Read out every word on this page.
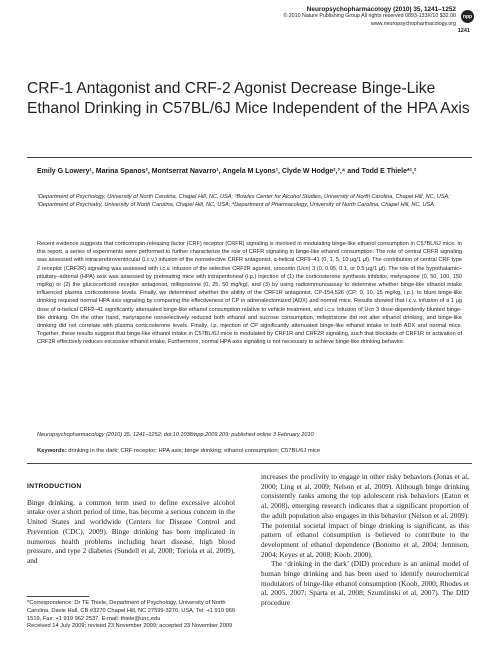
Neuropsychopharmacology (2010) 35, 1241–1252
© 2010 Nature Publishing Group All rights reserved 0893-133X/10 $32.00
www.neuropsychopharmacology.org
npp
1241
CRF-1 Antagonist and CRF-2 Agonist Decrease Binge-Like Ethanol Drinking in C57BL/6J Mice Independent of the HPA Axis
Emily G Lowery¹, Marina Spanos², Montserrat Navarro¹, Angela M Lyons¹, Clyde W Hodge²,³,⁴ and Todd E Thiele*¹,²
¹Department of Psychology, University of North Carolina, Chapel Hill, NC, USA; ²Bowles Center for Alcohol Studies, University of North Carolina, Chapel Hill, NC, USA; ³Department of Psychiatry, University of North Carolina, Chapel Hill, NC, USA; ⁴Department of Pharmacology, University of North Carolina, Chapel Hill, NC, USA

Recent evidence suggests that corticotropin-releasing factor (CRF) receptor (CRFR) signaling is involved in modulating binge-like ethanol consumption in C57BL/6J mice. In this report, a series of experiments were performed to further characterize the role of CRFR signaling in binge-like ethanol consumption. The role of central CRFR signaling was assessed with intracerebroventricular (i.c.v.) infusion of the nonselective CRFR antagonist, α-helical CRF9–41 (0, 1, 5, 10 μg/1 μl). The contribution of central CRF type 2 receptor (CRF2R) signaling was assessed with i.c.v. infusion of the selective CRF2R agonist, urocortin (Ucn) 3 (0, 0.05, 0.1, or 0.5 μg/1 μl). The role of the hypothalamic–pituitary–adrenal (HPA) axis was assessed by pretreating mice with intraperitoneal (i.p.) injection of (1) the corticosterone synthesis inhibitor, metyrapone (0, 50, 100, 150 mg/kg) or (2) the glucocorticoid receptor antagonist, mifepristone (0, 25, 50 mg/kg), and (3) by using radioimmunoassay to determine whether binge-like ethanol intake influenced plasma corticosterone levels. Finally, we determined whether the ability of the CRF1R antagonist, CP-154,526 (CP; 0, 10, 15 mg/kg, i.p.), to blunt binge-like drinking required normal HPA axis signaling by comparing the effectiveness of CP in adrenalectomized (ADX) and normal mice. Results showed that i.c.v. infusion of a 1 μg dose of α-helical CRF9–41 significantly attenuated binge-like ethanol consumption relative to vehicle treatment, and i.c.v. infusion of Ucn 3 dose-dependently blunted binge-like drinking. On the other hand, metyrapone nonselectively reduced both ethanol and sucrose consumption, mifepristone did not alter ethanol drinking, and binge-like drinking did not correlate with plasma corticosterone levels. Finally, i.p. injection of CP significantly attenuated binge-like ethanol intake in both ADX and normal mice. Together, these results suggest that binge-like ethanol intake in C57BL/6J mice is modulated by CRF1R and CRF2R signaling, such that blockade of CRF1R or activation of CRF2R effectively reduces excessive ethanol intake. Furthermore, normal HPA axis signaling is not necessary to achieve binge-like drinking behavior.

Neuropsychopharmacology (2010) 35, 1241–1252; doi:10.1038/npp.2009.209; published online 3 February 2010
Keywords: drinking in the dark; CRF receptor; HPA axis; binge drinking; ethanol consumption; C57BL/6J mice
INTRODUCTION

Binge drinking, a common term used to define excessive alcohol intake over a short period of time, has become a serious concern in the United States and worldwide (Centers for Disease Control and Prevention (CDC), 2009). Binge drinking has been implicated in numerous health problems including heart disease, high blood pressure, and type 2 diabetes (Sundell et al, 2008; Toriola et al, 2009), and

increases the proclivity to engage in other risky behaviors (Jonas et al, 2000; Ling et al, 2009; Nelson et al, 2009). Although binge drinking consistently ranks among the top adolescent risk behaviors (Eaton et al, 2008), emerging research indicates that a significant proportion of the adult population also engages in this behavior (Nelson et al, 2009). The potential societal impact of binge drinking is significant, as this pattern of ethanol consumption is believed to contribute to the development of ethanol dependence (Bonomo et al, 2004; Jennison, 2004; Keyes et al, 2008; Koob, 2000).

The ‘drinking in the dark’ (DID) procedure is an animal model of human binge drinking and has been used to identify neurochemical modulators of binge-like ethanol consumption (Koob, 2000; Rhodes et al, 2005, 2007; Sparta et al, 2008; Szumlinski et al, 2007). The DID procedure

*Correspondence: Dr TE Thiele, Department of Psychology, University of North Carolina, Davie Hall, CB #3270 Chapel Hill, NC 27599-3270, USA, Tel: +1 919 966 1519, Fax: +1 919 962 2537, E-mail: thiele@unc.edu

Received 14 July 2009; revised 23 November 2009; accepted 23 November 2009
